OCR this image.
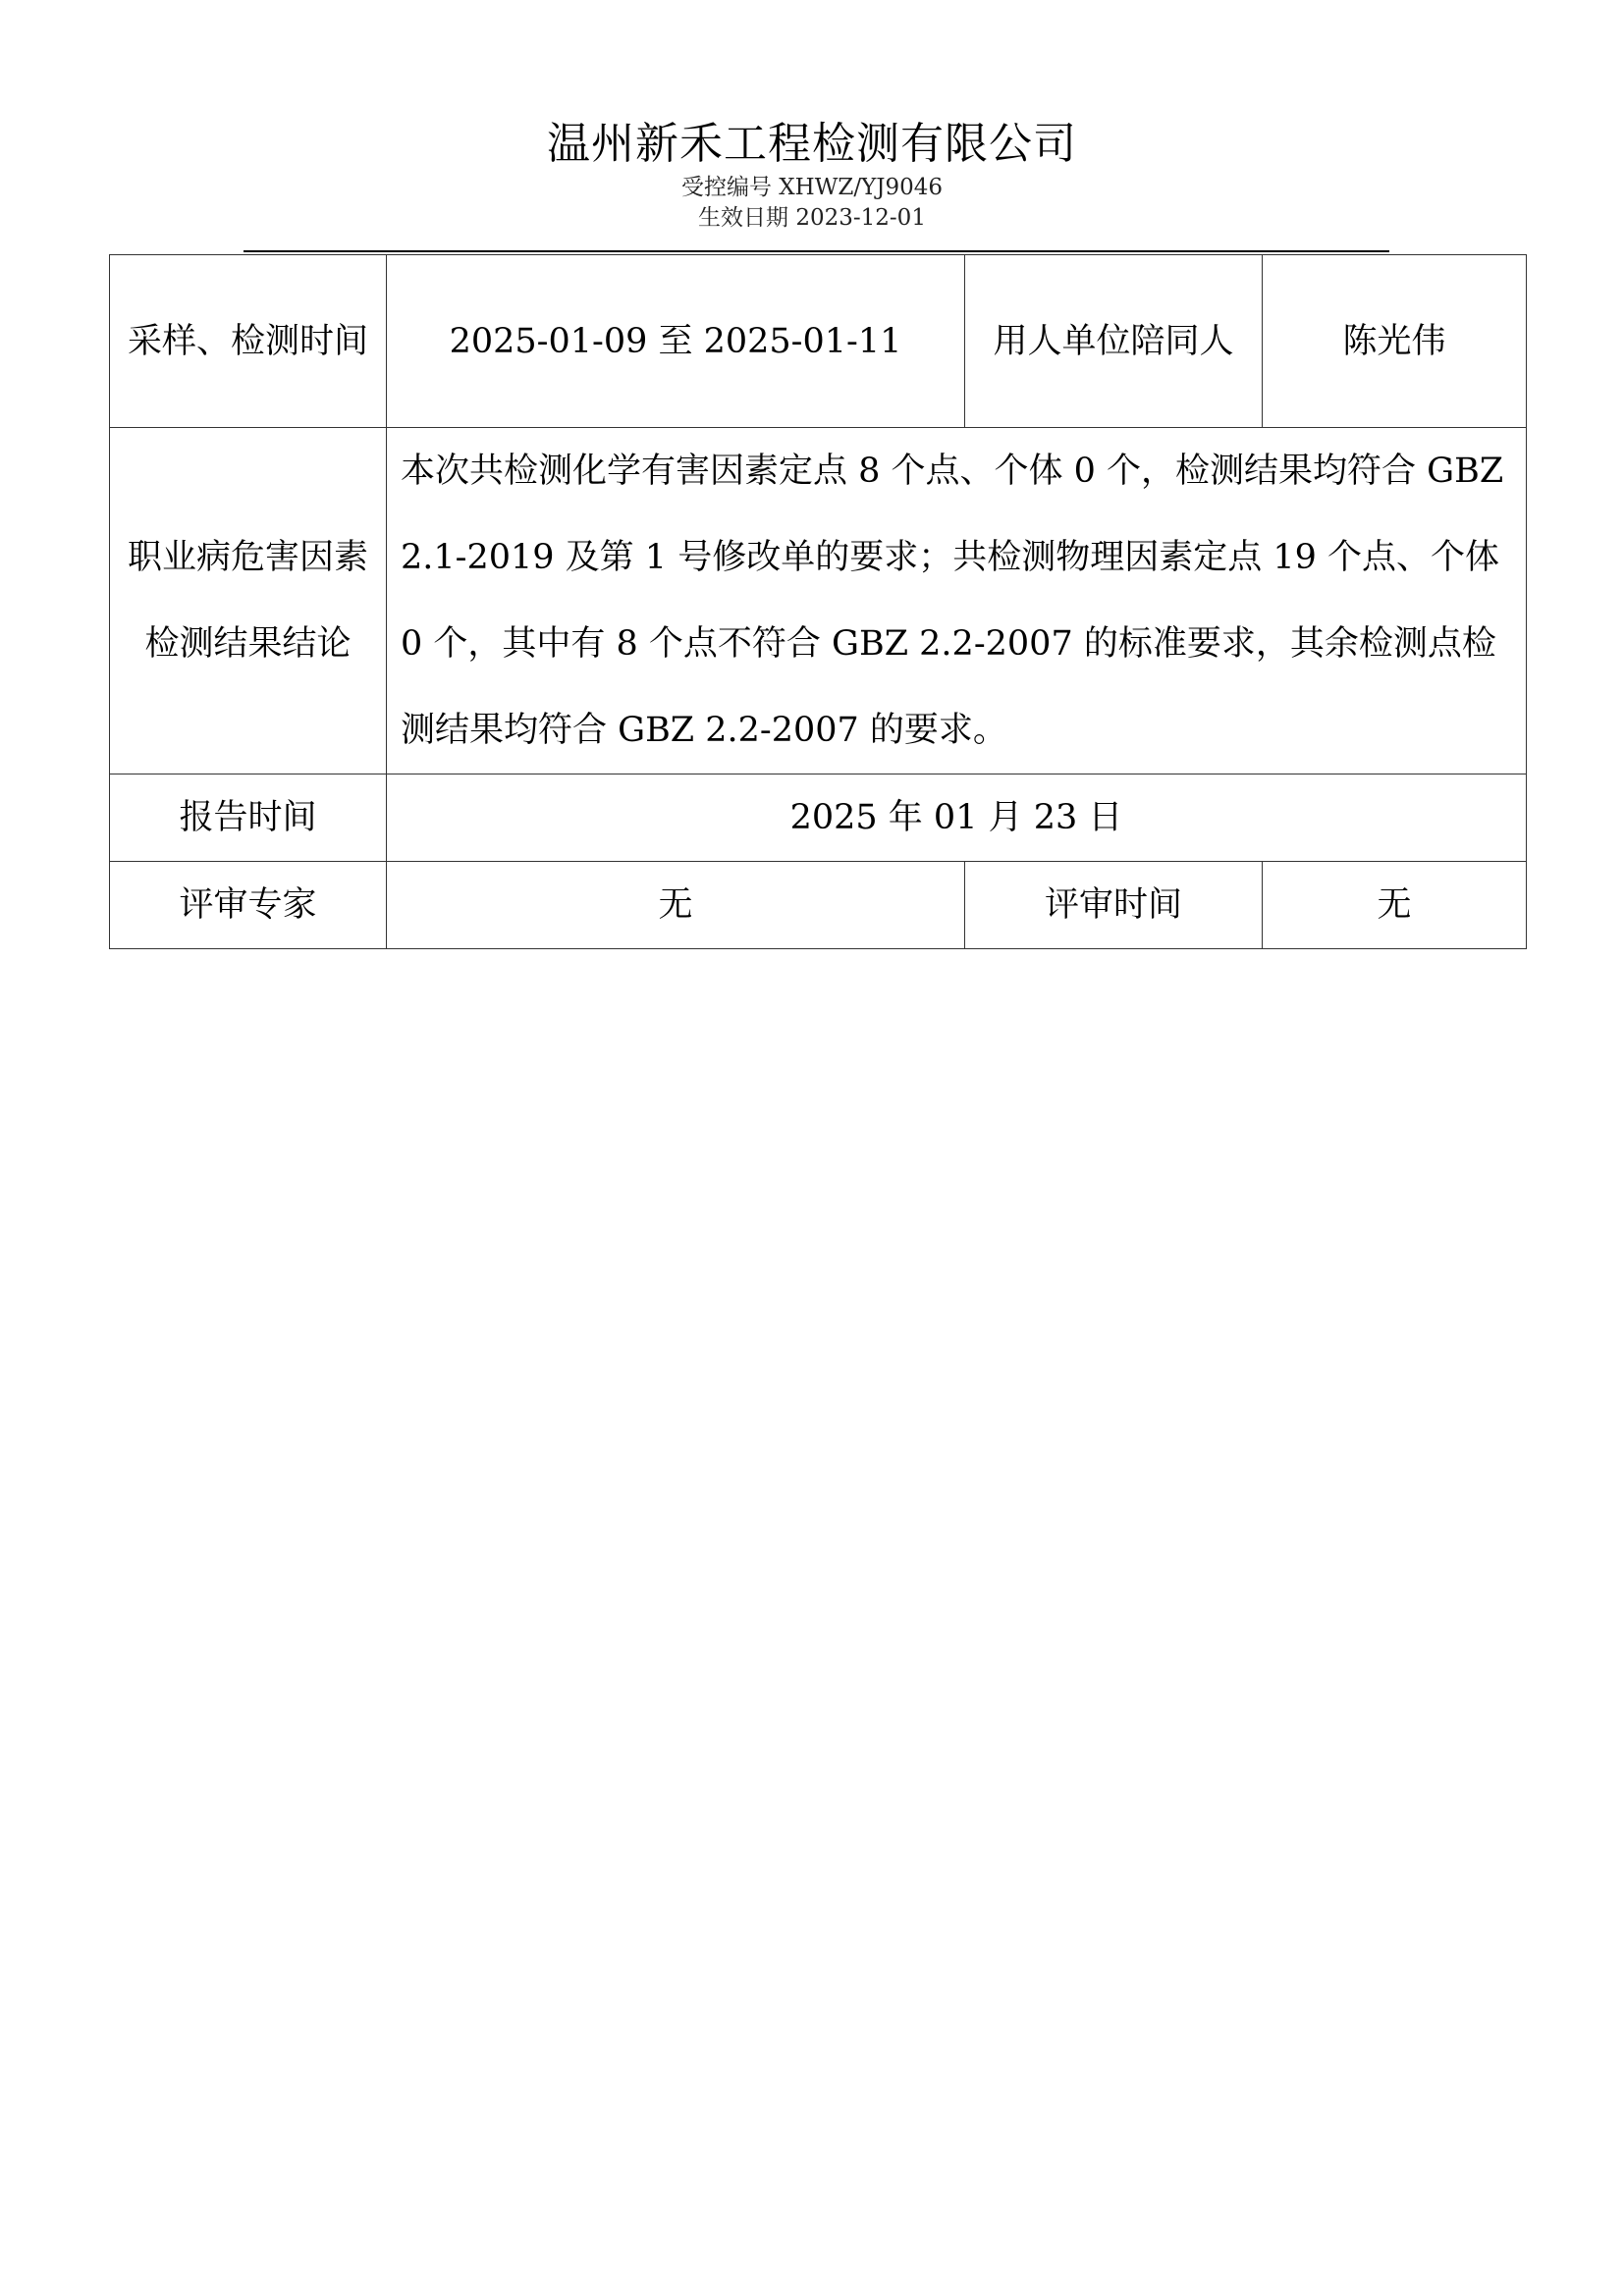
温州新禾工程检测有限公司
受控编号 XHWZ/YJ9046
生效日期 2023-12-01
采样、检测时间	2025-01-09 至 2025-01-11	用人单位陪同人	陈光伟
职业病危害因素检测结果结论	本次共检测化学有害因素定点 8 个点、个体 0 个，检测结果均符合 GBZ 2.1-2019 及第 1 号修改单的要求；共检测物理因素定点 19 个点、个体 0 个，其中有 8 个点不符合 GBZ 2.2-2007 的标准要求，其余检测点检测结果均符合 GBZ 2.2-2007 的要求。		
报告时间	2025 年 01 月 23 日		
评审专家	无	评审时间	无
